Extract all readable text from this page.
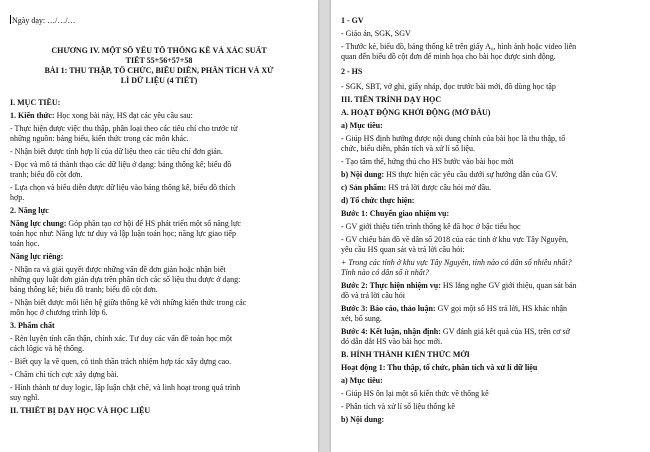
Ngày dạy: …/…/…
CHƯƠNG IV. MỘT SỐ YẾU TỐ THỐNG KÊ VÀ XÁC SUẤT
TIẾT 55+56+57+58
BÀI 1: THU THẬP, TỔ CHỨC, BIỂU DIỄN, PHÂN TÍCH VÀ XỬ
LÍ DỮ LIỆU (4 TIẾT)
I. MỤC TIÊU:
1. Kiến thức: Học xong bài này, HS đạt các yêu cầu sau:
- Thực hiện được việc thu thập, phân loại theo các tiêu chí cho trước từ
những nguồn: bảng biểu, kiến thức trong các môn khác.
- Nhận biết được tính hợp lí của dữ liệu theo các tiêu chí đơn giản.
- Đọc và mô tả thành thạo các dữ liệu ở dạng: bảng thống kê; biểu đồ
tranh; biểu đồ cột đơn.
- Lựa chọn và biểu diễn được dữ liệu vào bảng thống kê, biểu đồ thích
hợp.
2. Năng lực
Năng lực chung: Góp phần tạo cơ hội để HS phát triển một số năng lực
toán học như: Năng lực tư duy và lập luận toán học; năng lực giao tiếp
toán học.
Năng lực riêng:
- Nhận ra và giải quyết được những vấn đề đơn giản hoặc nhận biết
những quy luật đơn giản dựa trên phân tích các số liệu thu được ở dạng:
bảng thống kê; biểu đồ tranh; biểu đồ cột đơn.
- Nhận biết được mối liên hệ giữa thống kê với những kiến thức trong các
môn học ở chương trình lớp 6.
3. Phẩm chất
- Rèn luyện tính cẩn thận, chính xác. Tư duy các vấn đề toán học một
cách lôgic và hệ thống.
- Biết quy lạ về quen, có tinh thần trách nhiệm hợp tác xây dựng cao.
- Chăm chỉ tích cực xây dựng bài.
- Hình thành tư duy logic, lập luận chặt chẽ, và linh hoạt trong quá trình
suy nghĩ.
II. THIẾT BỊ DẠY HỌC VÀ HỌC LIỆU
1 - GV
- Giáo án, SGK, SGV
- Thước kẻ, biểu đồ, bảng thống kê trên giấy A₀, hình ảnh hoặc video liên
quan đến biểu đồ cột đơn để minh họa cho bài học được sinh động.
2 - HS
- SGK, SBT, vở ghi, giấy nháp, đọc trước bài mới, đồ dùng học tập
III. TIẾN TRÌNH DẠY HỌC
A. HOẠT ĐỘNG KHỞI ĐỘNG (MỞ ĐẦU)
a) Mục tiêu:
- Giúp HS định hướng được nội dung chính của bài học là thu thập, tổ
chức, biểu diễn, phân tích và xử lí số liệu.
- Tạo tâm thế, hứng thú cho HS bước vào bài học mới
b) Nội dung: HS thực hiện các yêu cầu dưới sự hướng dẫn của GV.
c) Sản phẩm: HS trả lời được câu hỏi mở đầu.
d) Tổ chức thực hiện:
Bước 1: Chuyển giao nhiệm vụ:
- GV giới thiệu tiến trình thống kê đã học ở bậc tiểu học
- GV chiếu bản đồ về dân số 2018 của các tỉnh ở khu vực Tây Nguyên,
yêu cầu HS quan sát và trả lời câu hỏi:
+ Trong các tỉnh ở khu vực Tây Nguyên, tỉnh nào có dân số nhiều nhất?
Tỉnh nào có dân số ít nhất?
Bước 2: Thực hiện nhiệm vụ: HS lắng nghe GV giới thiệu, quan sát bản
đồ và trả lời câu hỏi
Bước 3: Báo cáo, thảo luận: GV gọi một số HS trả lời, HS khác nhận
xét, bổ sung.
Bước 4: Kết luận, nhận định: GV đánh giá kết quả của HS, trên cơ sở
đó dẫn dắt HS vào bài học mới.
B. HÌNH THÀNH KIẾN THỨC MỚI
Hoạt động 1: Thu thập, tổ chức, phân tích và xử lí dữ liệu
a) Mục tiêu:
- Giúp HS ôn lại một số kiến thức về thống kê
- Phân tích và xử lí số liệu thống kê
b) Nội dung:
